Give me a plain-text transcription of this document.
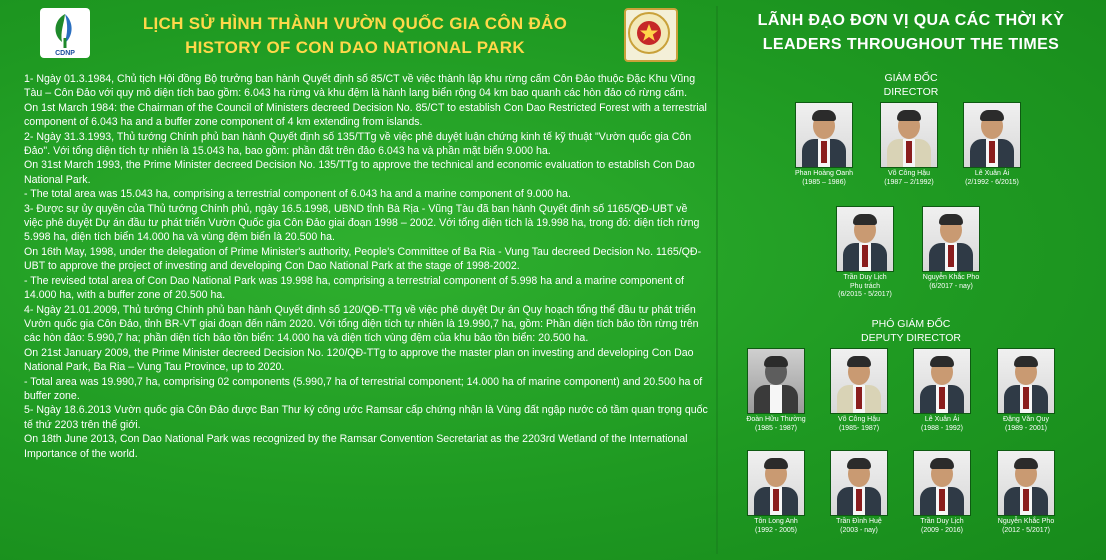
CDNP
LỊCH SỬ HÌNH THÀNH VƯỜN QUỐC GIA CÔN ĐẢO
HISTORY OF CON DAO NATIONAL PARK

1- Ngày 01.3.1984, Chủ tịch Hội đồng Bộ trưởng ban hành Quyết định số 85/CT về việc thành lập khu rừng cấm Côn Đảo thuộc Đặc Khu Vũng Tàu – Côn Đảo với quy mô diện tích bao gồm: 6.043 ha rừng và khu đệm là hành lang biển rộng 04 km bao quanh các hòn đảo có rừng cấm.

On 1st March 1984: the Chairman of the Council of Ministers decreed Decision No. 85/CT to establish Con Dao Restricted Forest with a terrestrial component of 6.043 ha and a buffer zone component of 4 km extending from islands.

2- Ngày 31.3.1993, Thủ tướng Chính phủ ban hành Quyết định số 135/TTg về việc phê duyệt luận chứng kinh tế kỹ thuật "Vườn quốc gia Côn Đảo". Với tổng diện tích tự nhiên là 15.043 ha, bao gồm: phần đất trên đảo 6.043 ha và phần mặt biển 9.000 ha.

On 31st March 1993, the Prime Minister decreed Decision No. 135/TTg to approve the technical and economic evaluation to establish Con Dao National Park.

- The total area was 15.043 ha, comprising a terrestrial component of 6.043 ha and a marine component of 9.000 ha.

3- Được sự ủy quyền của Thủ tướng Chính phủ, ngày 16.5.1998, UBND tỉnh Bà Rịa - Vũng Tàu đã ban hành Quyết định số 1165/QĐ-UBT về việc phê duyệt Dự án đầu tư phát triển Vườn Quốc gia Côn Đảo giai đoạn 1998 – 2002. Với tổng diện tích là 19.998 ha, trong đó: diện tích rừng 5.998 ha, diện tích biển 14.000 ha và vùng đệm biển là 20.500 ha.

On 16th May, 1998, under the delegation of Prime Minister's authority, People's Committee of Ba Ria - Vung Tau decreed Decision No. 1165/QĐ-UBT to approve the project of investing and developing Con Dao National Park at the stage of 1998-2002.

- The revised total area of Con Dao National Park was 19.998 ha, comprising a terrestrial component of 5.998 ha and a marine component of 14.000 ha, with a buffer zone of 20.500 ha.

4- Ngày 21.01.2009, Thủ tướng Chính phủ ban hành Quyết định số 120/QĐ-TTg về việc phê duyệt Dự án Quy hoạch tổng thể đầu tư phát triển Vườn quốc gia Côn Đảo, tỉnh BR-VT giai đoạn đến năm 2020. Với tổng diện tích tự nhiên là 19.990,7 ha, gồm: Phần diện tích bảo tồn rừng trên các hòn đảo: 5.990,7 ha; phần diện tích bảo tồn biển: 14.000 ha và diện tích vùng đệm của khu bảo tồn biển: 20.500 ha.

On 21st January 2009, the Prime Minister decreed Decision No. 120/QĐ-TTg to approve the master plan on investing and developing Con Dao National Park, Ba Ria – Vung Tau Province, up to 2020.

- Total area was 19.990,7 ha, comprising 02 components (5.990,7 ha of terrestrial component; 14.000 ha of marine component) and 20.500 ha of buffer zone.

5- Ngày 18.6.2013 Vườn quốc gia Côn Đảo được Ban Thư ký công ước Ramsar cấp chứng nhận là Vùng đất ngập nước có tầm quan trọng quốc tế thứ 2203 trên thế giới.

On 18th June 2013, Con Dao National Park was recognized by the Ramsar Convention Secretariat as the 2203rd Wetland of the International Importance of the world.

LÃNH ĐẠO ĐƠN VỊ QUA CÁC THỜI KỲ
LEADERS THROUGHOUT THE TIMES
GIÁM ĐỐC
DIRECTOR
Phan Hoàng Oanh
(1985 – 1986)
Võ Công Hậu
(1987 – 2/1992)
Lê Xuân Ái
(2/1992 - 6/2015)
Trần Duy Lịch
Phụ trách
(6/2015 - 5/2017)
Nguyễn Khắc Pho
(6/2017 - nay)
PHÓ GIÁM ĐỐC
DEPUTY DIRECTOR
Đoàn Hữu Thường
(1985 - 1987)
Võ Công Hậu
(1985- 1987)
Lê Xuân Ái
(1988 - 1992)
Đặng Văn Quy
(1989 - 2001)
Tôn Long Anh
(1992 - 2005)
Trần Đình Huệ
(2003 - nay)
Trần Duy Lịch
(2009 - 2016)
Nguyễn Khắc Pho
(2012 - 5/2017)
